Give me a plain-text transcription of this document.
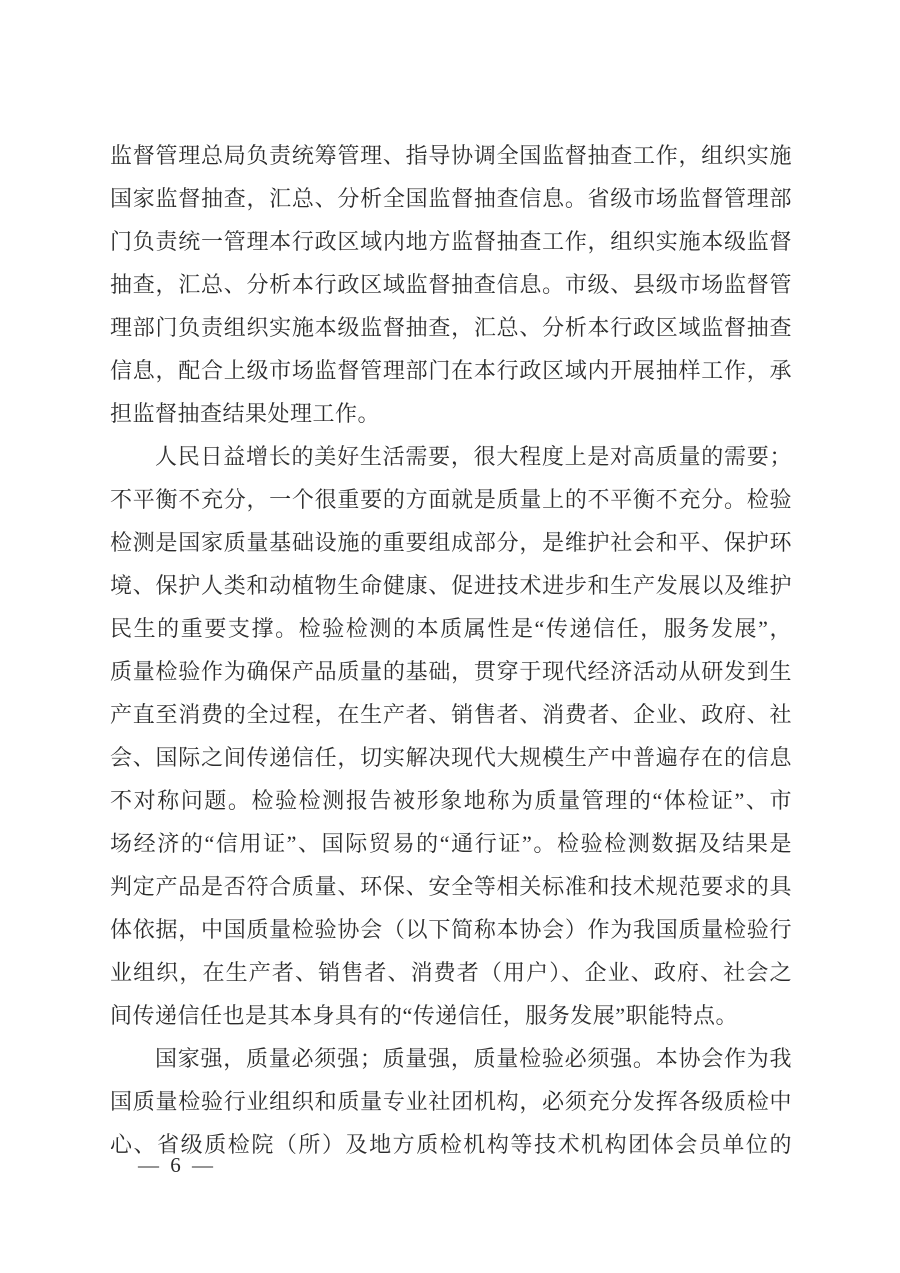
监督管理总局负责统筹管理、指导协调全国监督抽查工作，组织实施
国家监督抽查，汇总、分析全国监督抽查信息。省级市场监督管理部
门负责统一管理本行政区域内地方监督抽查工作，组织实施本级监督
抽查，汇总、分析本行政区域监督抽查信息。市级、县级市场监督管
理部门负责组织实施本级监督抽查，汇总、分析本行政区域监督抽查
信息，配合上级市场监督管理部门在本行政区域内开展抽样工作，承
担监督抽查结果处理工作。
人民日益增长的美好生活需要，很大程度上是对高质量的需要；
不平衡不充分，一个很重要的方面就是质量上的不平衡不充分。检验
检测是国家质量基础设施的重要组成部分，是维护社会和平、保护环
境、保护人类和动植物生命健康、促进技术进步和生产发展以及维护
民生的重要支撑。检验检测的本质属性是“传递信任，服务发展”，
质量检验作为确保产品质量的基础，贯穿于现代经济活动从研发到生
产直至消费的全过程，在生产者、销售者、消费者、企业、政府、社
会、国际之间传递信任，切实解决现代大规模生产中普遍存在的信息
不对称问题。检验检测报告被形象地称为质量管理的“体检证”、市
场经济的“信用证”、国际贸易的“通行证”。检验检测数据及结果是
判定产品是否符合质量、环保、安全等相关标准和技术规范要求的具
体依据，中国质量检验协会（以下简称本协会）作为我国质量检验行
业组织，在生产者、销售者、消费者（用户）、企业、政府、社会之
间传递信任也是其本身具有的“传递信任，服务发展”职能特点。
国家强，质量必须强；质量强，质量检验必须强。本协会作为我
国质量检验行业组织和质量专业社团机构，必须充分发挥各级质检中
心、省级质检院（所）及地方质检机构等技术机构团体会员单位的
— 6 —
